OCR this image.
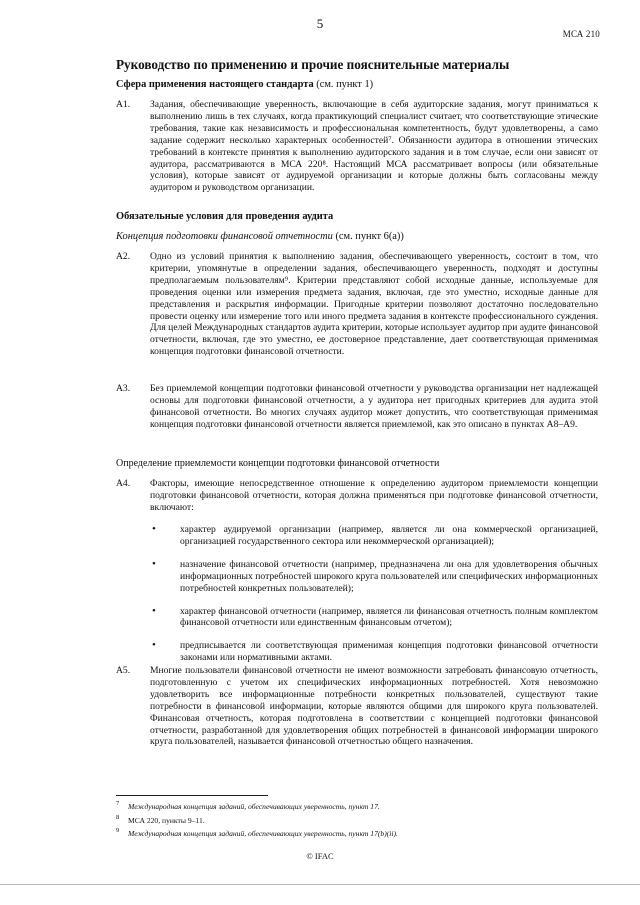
5
МСА 210
Руководство по применению и прочие пояснительные материалы
Сфера применения настоящего стандарта (см. пункт 1)
A1.	Задания, обеспечивающие уверенность, включающие в себя аудиторские задания, могут приниматься к выполнению лишь в тех случаях, когда практикующий специалист считает, что соответствующие этические требования, такие как независимость и профессиональная компетентность, будут удовлетворены, а само задание содержит несколько характерных особенностей⁷. Обязанности аудитора в отношении этических требований в контексте принятия к выполнению аудиторского задания и в том случае, если они зависят от аудитора, рассматриваются в МСА 220⁸. Настоящий МСА рассматривает вопросы (или обязательные условия), которые зависят от аудируемой организации и которые должны быть согласованы между аудитором и руководством организации.
Обязательные условия для проведения аудита
Концепция подготовки финансовой отчетности (см. пункт 6(а))
A2.	Одно из условий принятия к выполнению задания, обеспечивающего уверенность, состоит в том, что критерии, упомянутые в определении задания, обеспечивающего уверенность, подходят и доступны предполагаемым пользователям⁹. Критерии представляют собой исходные данные, используемые для проведения оценки или измерения предмета задания, включая, где это уместно, исходные данные для представления и раскрытия информации. Пригодные критерии позволяют достаточно последовательно провести оценку или измерение того или иного предмета задания в контексте профессионального суждения. Для целей Международных стандартов аудита критерии, которые использует аудитор при аудите финансовой отчетности, включая, где это уместно, ее достоверное представление, дает соответствующая применимая концепция подготовки финансовой отчетности.
A3.	Без приемлемой концепции подготовки финансовой отчетности у руководства организации нет надлежащей основы для подготовки финансовой отчетности, а у аудитора нет пригодных критериев для аудита этой финансовой отчетности. Во многих случаях аудитор может допустить, что соответствующая применимая концепция подготовки финансовой отчетности является приемлемой, как это описано в пунктах A8–A9.
Определение приемлемости концепции подготовки финансовой отчетности
A4.	Факторы, имеющие непосредственное отношение к определению аудитором приемлемости концепции подготовки финансовой отчетности, которая должна применяться при подготовке финансовой отчетности, включают:
•	характер аудируемой организации (например, является ли она коммерческой организацией, организацией государственного сектора или некоммерческой организацией);
•	назначение финансовой отчетности (например, предназначена ли она для удовлетворения обычных информационных потребностей широкого круга пользователей или специфических информационных потребностей конкретных пользователей);
•	характер финансовой отчетности (например, является ли финансовая отчетность полным комплектом финансовой отчетности или единственным финансовым отчетом);
•	предписывается ли соответствующая применимая концепция подготовки финансовой отчетности законами или нормативными актами.
A5.	Многие пользователи финансовой отчетности не имеют возможности затребовать финансовую отчетность, подготовленную с учетом их специфических информационных потребностей. Хотя невозможно удовлетворить все информационные потребности конкретных пользователей, существуют такие потребности в финансовой информации, которые являются общими для широкого круга пользователей. Финансовая отчетность, которая подготовлена в соответствии с концепцией подготовки финансовой отчетности, разработанной для удовлетворения общих потребностей в финансовой информации широкого круга пользователей, называется финансовой отчетностью общего назначения.
7 Международная концепция заданий, обеспечивающих уверенность, пункт 17.
8 МСА 220, пункты 9–11.
9 Международная концепция заданий, обеспечивающих уверенность, пункт 17(b)(ii).
© IFAC
